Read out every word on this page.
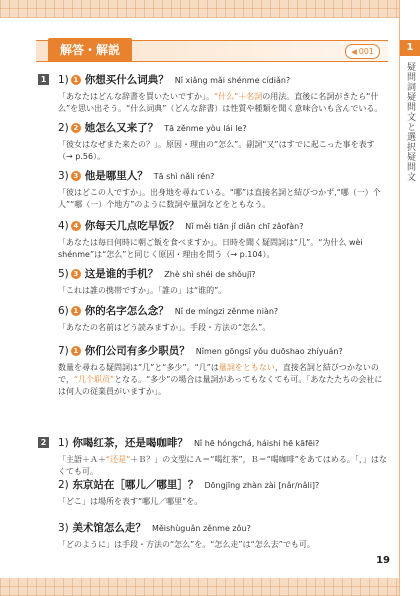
1
疑問詞疑問文と選択疑問文
解答・解説	◀ 001
1 1) 1 你想买什么词典？ Nǐ xiǎng mǎi shénme cídiǎn?
「あなたはどんな辞書を買いたいですか」。“什么”＋名詞の用法。直後に名詞がきたら“什么”を思い出そう。“什么词典”（どんな辞書）は性質や種類を聞く意味合いも含んでいる。
2) 2 她怎么又来了？ Tā zěnme yòu lái le?
「彼女はなぜまた来たの？」。原因・理由の“怎么”。副詞“又”はすでに起こった事を表す（→ p.56）。
3) 3 他是哪里人？ Tā shì nǎli rén?
「彼はどこの人ですか」。出身地を尋ねている。“哪”は直接名詞と結びつかず,“哪（一）个人”“哪（一）个地方”のように数詞や量詞などをともなう。
4) 4 你每天几点吃早饭？ Nǐ měi tiān jǐ diǎn chī zǎofàn?
「あなたは毎日何時に朝ご飯を食べますか」。日時を聞く疑問詞は“几”。“为什么 wèi shénme”は“怎么”と同じく原因・理由を問う（→ p.104）。
5) 3 这是谁的手机？ Zhè shì shéi de shǒujī?
「これは誰の携帯ですか」。「誰の」は“谁的”。
6) 1 你的名字怎么念？ Nǐ de míngzi zěnme niàn?
「あなたの名前はどう読みますか」。手段・方法の“怎么”。
7) 1 你们公司有多少职员？ Nǐmen gōngsī yǒu duōshao zhíyuán?
数量を尋ねる疑問詞は“几”と“多少”。“几”は量詞をともない，直接名詞と結びつかないので，“几个职员”となる。“多少”の場合は量詞があってもなくても可。「あなたたちの会社には何人の従業員がいますか」。
2 1) 你喝红茶，还是喝咖啡？ Nǐ hē hóngchá, háishi hē kāfēi?
「主語＋Ａ＋“还是”＋Ｂ？」の文型にＡ＝“喝红茶”，Ｂ＝“喝咖啡”をあてはめる。「，」はなくても可。
2) 东京站在［哪儿／哪里］？ Dōngjīng zhàn zài [nǎr/nǎli]?
「どこ」は場所を表す“哪儿／哪里”を。
3) 美术馆怎么走？ Měishùguǎn zěnme zǒu?
「どのように」は手段・方法の“怎么”を。“怎么走”は“怎么去”でも可。
19
